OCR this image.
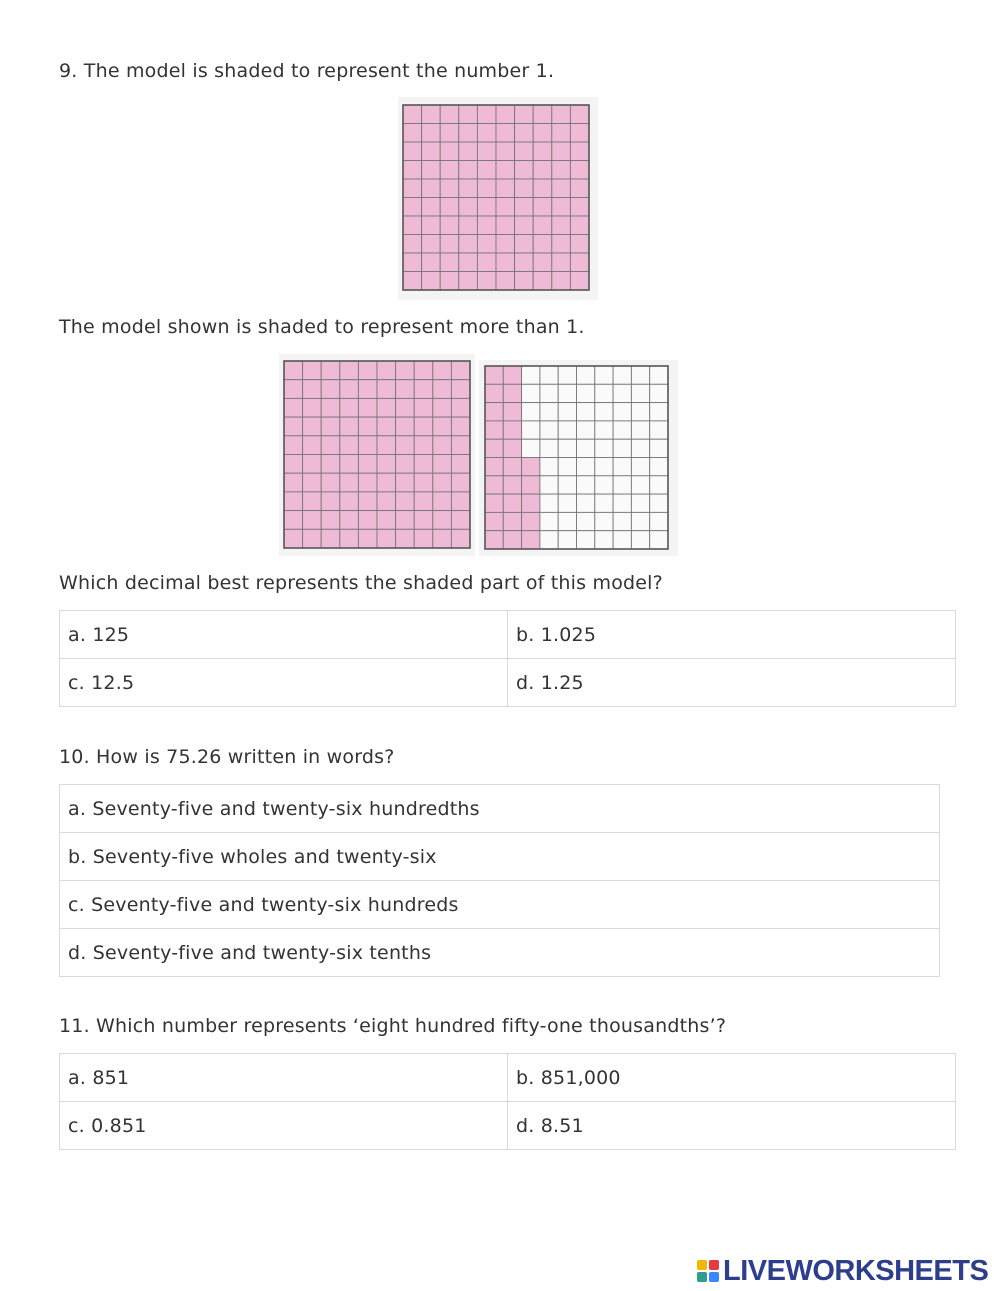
9. The model is shaded to represent the number 1.
The model shown is shaded to represent more than 1.
Which decimal best represents the shaded part of this model?
a. 125	b. 1.025
c. 12.5	d. 1.25
10. How is 75.26 written in words?
a. Seventy-five and twenty-six hundredths
b. Seventy-five wholes and twenty-six
c. Seventy-five and twenty-six hundreds
d. Seventy-five and twenty-six tenths
11. Which number represents ‘eight hundred fifty-one thousandths’?
a. 851	b. 851,000
c. 0.851	d. 8.51
LIVEWORKSHEETS
